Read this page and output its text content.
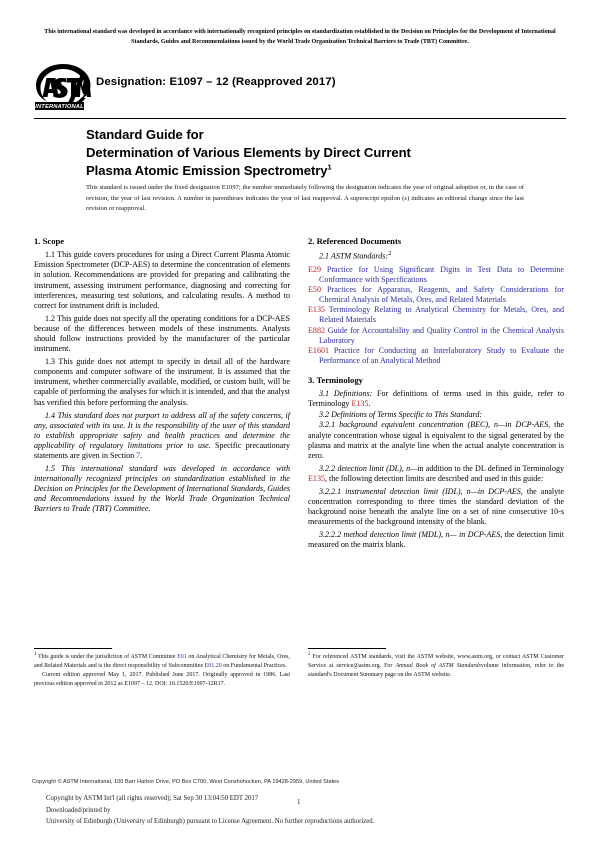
This international standard was developed in accordance with internationally recognized principles on standardization established in the Decision on Principles for the Development of International Standards, Guides and Recommendations issued by the World Trade Organization Technical Barriers to Trade (TBT) Committee.
INTERNATIONAL
Designation: E1097 – 12 (Reapproved 2017)
Standard Guide for
Determination of Various Elements by Direct Current
Plasma Atomic Emission Spectrometry$^1$
This standard is issued under the fixed designation E1097; the number immediately following the designation indicates the year of original adoption or, in the case of revision, the year of last revision. A number in parentheses indicates the year of last reapproval. A superscript epsilon (ε) indicates an editorial change since the last revision or reapproval.
1. Scope

1.1 This guide covers procedures for using a Direct Current Plasma Atomic Emission Spectrometer (DCP-AES) to determine the concentration of elements in solution. Recommendations are provided for preparing and calibrating the instrument, assessing instrument performance, diagnosing and correcting for interferences, measuring test solutions, and calculating results. A method to correct for instrument drift is included.

1.2 This guide does not specify all the operating conditions for a DCP-AES because of the differences between models of these instruments. Analysts should follow instructions provided by the manufacturer of the particular instrument.

1.3 This guide does not attempt to specify in detail all of the hardware components and computer software of the instrument. It is assumed that the instrument, whether commercially available, modified, or custom built, will be capable of performing the analyses for which it is intended, and that the analyst has verified this before performing the analysis.

1.4 This standard does not purport to address all of the safety concerns, if any, associated with its use. It is the responsibility of the user of this standard to establish appropriate safety and health practices and determine the applicability of regulatory limitations prior to use. Specific precautionary statements are given in Section 7.

1.5 This international standard was developed in accordance with internationally recognized principles on standardization established in the Decision on Principles for the Development of International Standards, Guides and Recommendations issued by the World Trade Organization Technical Barriers to Trade (TBT) Committee.

2. Referenced Documents

2.1 ASTM Standards:$^2$

E29 Practice for Using Significant Digits in Test Data to Determine Conformance with Specifications

E50 Practices for Apparatus, Reagents, and Safety Considerations for Chemical Analysis of Metals, Ores, and Related Materials

E135 Terminology Relating to Analytical Chemistry for Metals, Ores, and Related Materials

E882 Guide for Accountability and Quality Control in the Chemical Analysis Laboratory

E1601 Practice for Conducting an Interlaboratory Study to Evaluate the Performance of an Analytical Method

3. Terminology

3.1 Definitions: For definitions of terms used in this guide, refer to Terminology E135.

3.2 Definitions of Terms Specific to This Standard:

3.2.1 background equivalent concentration (BEC), n—in DCP-AES, the analyte concentration whose signal is equivalent to the signal generated by the plasma and matrix at the analyte line when the actual analyte concentration is zero.

3.2.2 detection limit (DL), n—in addition to the DL defined in Terminology E135, the following detection limits are described and used in this guide:

3.2.2.1 instrumental detection limit (IDL), n—in DCP-AES, the analyte concentration corresponding to three times the standard deviation of the background noise beneath the analyte line on a set of nine consecutive 10-s measurements of the background intensity of the blank.

3.2.2.2 method detection limit (MDL), n— in DCP-AES, the detection limit measured on the matrix blank.

$^1$ This guide is under the jurisdiction of ASTM Committee E01 on Analytical Chemistry for Metals, Ores, and Related Materials and is the direct responsibility of Subcommittee E01.20 on Fundamental Practices.

Current edition approved May 1, 2017. Published June 2017. Originally approved in 1986. Last previous edition approved in 2012 as E1097 – 12. DOI: 10.1520/E1097-12R17.

$^2$ For referenced ASTM standards, visit the ASTM website, www.astm.org, or contact ASTM Customer Service at service@astm.org. For Annual Book of ASTM Standardsvolume information, refer to the standard's Document Summary page on the ASTM website.

Copyright © ASTM International, 100 Barr Harbor Drive, PO Box C700, West Conshohocken, PA 19428-2959, United States
Copyright by ASTM Int'l (all rights reserved); Sat Sep 30 13:04:50 EDT 2017
Downloaded/printed by
University of Edinburgh (University of Edinburgh) pursuant to License Agreement. No further reproductions authorized.
1
